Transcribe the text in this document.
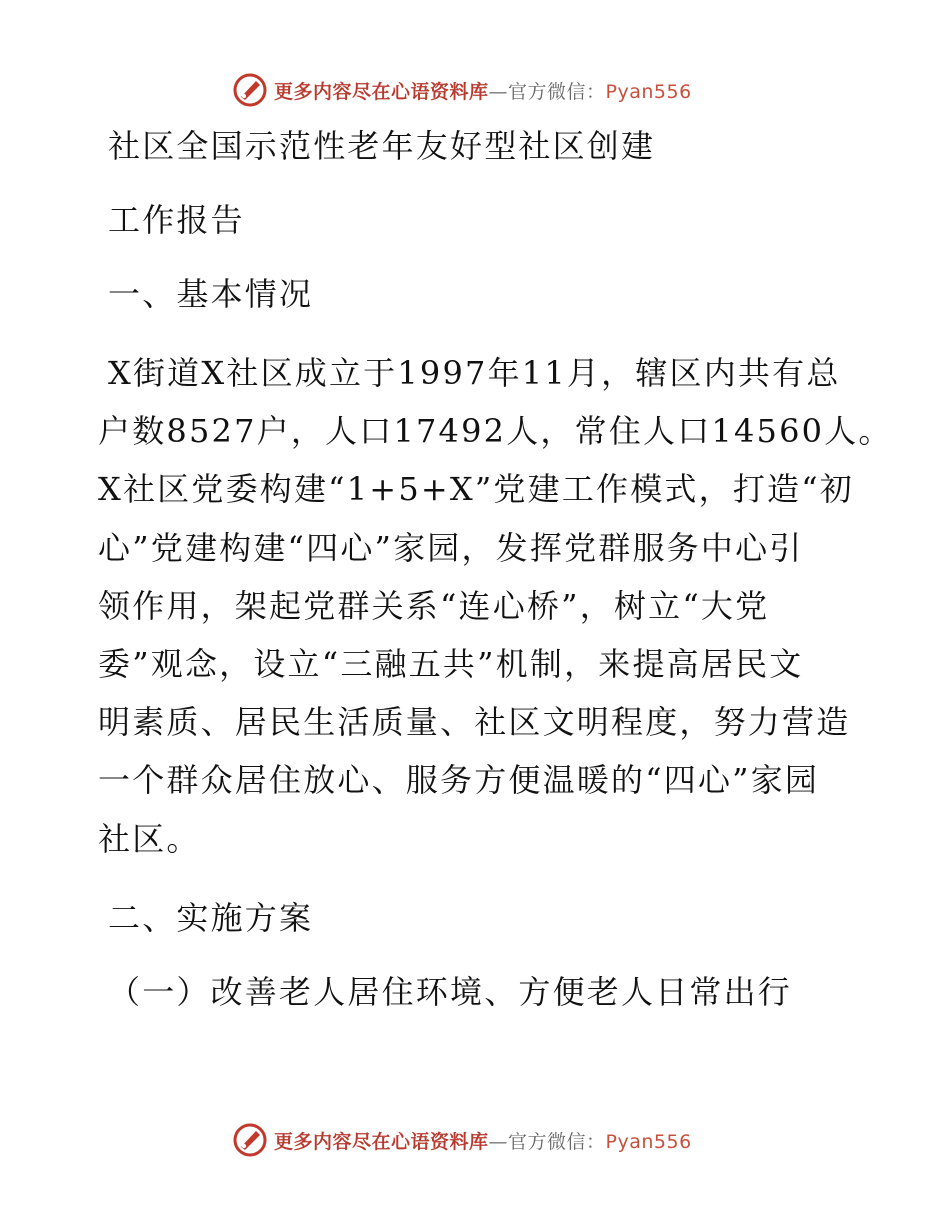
更多内容尽在心语资料库—官方微信：Pyan556
社区全国示范性老年友好型社区创建
工作报告
一、基本情况
X街道X社区成立于1997年11月，辖区内共有总
户数8527户，人口17492人，常住人口14560人。
X社区党委构建“1+5+X”党建工作模式，打造“初
心”党建构建“四心”家园，发挥党群服务中心引
领作用，架起党群关系“连心桥”，树立“大党
委”观念，设立“三融五共”机制，来提高居民文
明素质、居民生活质量、社区文明程度，努力营造
一个群众居住放心、服务方便温暖的“四心”家园
社区。
二、实施方案
（一）改善老人居住环境、方便老人日常出行
更多内容尽在心语资料库—官方微信：Pyan556
